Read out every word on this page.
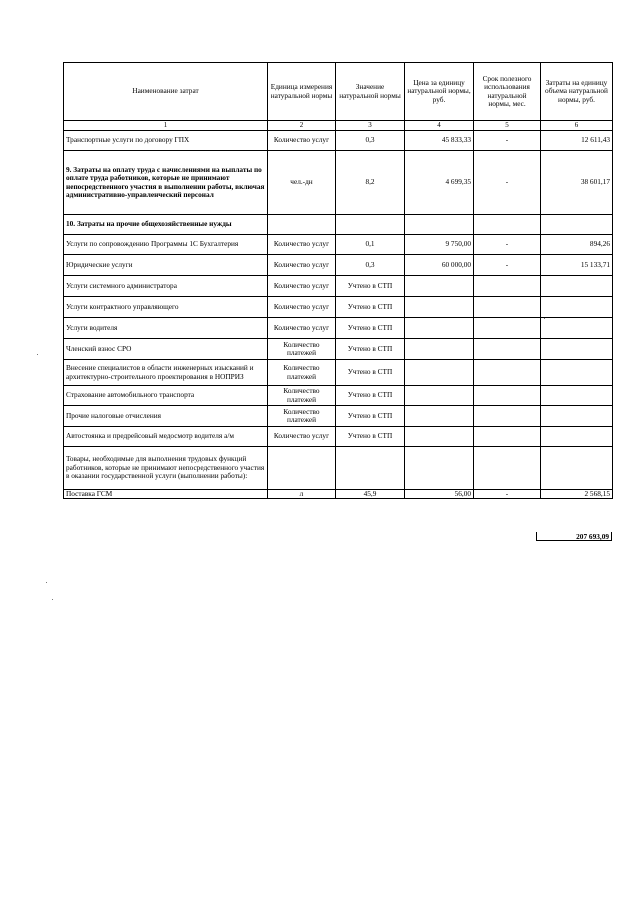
Наименование затрат	Единица измерения натуральной нормы	Значение натуральной нормы	Цена за единицу натуральной нормы, руб.	Срок полезного использования натуральной нормы, мес.	Затраты на единицу объема натуральной нормы, руб.
1	2	3	4	5	6
Транспортные услуги по договору ГПХ	Количество услуг	0,3	45 833,33	-	12 611,43
9. Затраты на оплату труда с начислениями на выплаты по оплате труда работников, которые не принимают непосредственного участия в выполнении работы, включая административно-управленческий персонал	чел.-дн	8,2	4 699,35	-	38 601,17
10. Затраты на прочие общехозяйственные нужды					
Услуги по сопровождению Программы 1С Бухгалтерия	Количество услуг	0,1	9 750,00	-	894,26
Юридические услуги	Количество услуг	0,3	60 000,00	-	15 133,71
Услуги системного администратора	Количество услуг	Учтено в СТП			
Услуги контрактного управляющего	Количество услуг	Учтено в СТП			
Услуги водителя	Количество услуг	Учтено в СТП			
Членский взнос СРО	Количество платежей	Учтено в СТП			
Внесение специалистов в области инженерных изысканий и архитектурно-строительного проектирования в НОПРИЗ	Количество платежей	Учтено в СТП			
Страхование автомобильного транспорта	Количество платежей	Учтено в СТП			
Прочие налоговые отчисления	Количество платежей	Учтено в СТП			
Автостоянка и предрейсовый медосмотр водителя а/м	Количество услуг	Учтено в СТП			
Товары, необходимые для выполнения трудовых функций работников, которые не принимают непосредственного участия в оказании государственной услуги (выполнении работы):					
Поставка ГСМ	л	45,9	56,00	-	2 568,15
207 693,09
